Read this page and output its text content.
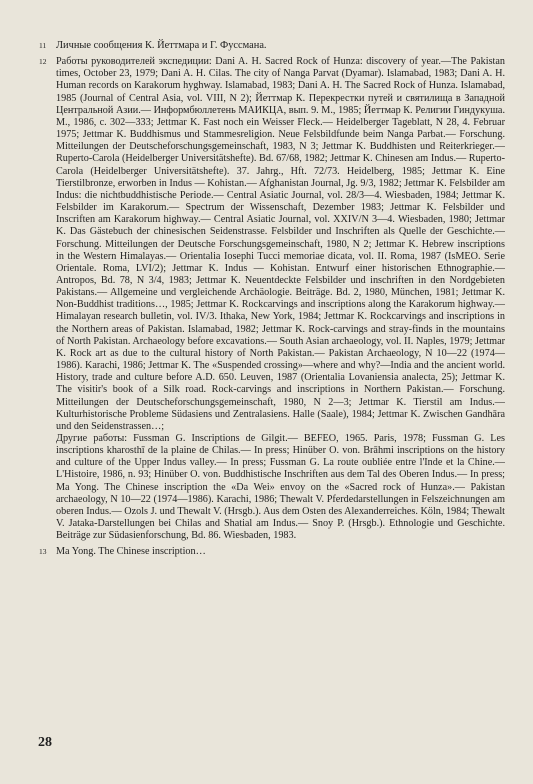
11 Личные сообщения К. Йеттмара и Г. Фуссмана.
12 Работы руководителей экспедиции: Dani A. H. Sacred Rock of Hunza: discovery of year.—The Pakistan times, October 23, 1979; Dani A. H. Cilas. The city of Nanga Parvat (Dyamar). Islamabad, 1983; Dani A. H. Human records on Karakorum hyghway. Islamabad, 1983; Dani A. H. The Sacred Rock of Hunza. Islamabad, 1985 (Journal of Central Asia, vol. VIII, N 2); Йеттмар К. Перекрестки путей и святилища в Западной Центральной Азии.— Информбюллетень МАИКЦА, вып. 9. М., 1985; Йеттмар К. Религии Гиндукуша. М., 1986, с. 302—333; Jettmar K. Fast noch ein Weisser Fleck.— Heidelberger Tageblatt, N 28, 4. Februar 1975; Jettmar K. Buddhismus und Stammesreligion. Neue Felsbildfunde beim Nanga Parbat.— Forschung. Mitteilungen der Deutscheforschungsgemeinschaft, 1983, N 3; Jettmar K. Buddhisten und Reiterkrieger.— Ruperto-Carola (Heidelberger Universitätshefte). Bd. 67/68, 1982; Jettmar K. Chinesen am Indus.— Ruperto-Carola (Heidelberger Universitätshefte). 37. Jahrg., Hft. 72/73. Heidelberg, 1985; Jettmar K. Eine Tierstilbronze, erworben in Indus — Kohistan.— Afghanistan Journal, Jg. 9/3, 1982; Jettmar K. Felsbilder am Indus: die nichtbuddhistische Periode.— Central Asiatic Journal, vol. 28/3—4. Wiesbaden, 1984; Jettmar K. Felsbilder im Karakorum.— Spectrum der Wissenschaft, Dezember 1983; Jettmar K. Felsbilder und Inscriften am Karakorum highway.— Central Asiatic Journal, vol. XXIV/N 3—4. Wiesbaden, 1980; Jettmar K. Das Gästebuch der chinesischen Seidenstrasse. Felsbilder und Inschriften als Quelle der Geschichte.— Forschung. Mitteilungen der Deutsche Forschungsgemeinschaft, 1980, N 2; Jettmar K. Hebrew inscriptions in the Western Himalayas.— Orientalia Iosephi Tucci memoriae dicata, vol. II. Roma, 1987 (IsMEO. Serie Orientale. Roma, LVI/2); Jettmar K. Indus — Kohistan. Entwurf einer historischen Ethnographie.— Antropos, Bd. 78, N 3/4, 1983; Jettmar K. Neuentdeckte Felsbilder und inschriften in den Nordgebieten Pakistans.— Allgemeine und vergleichende Archäologie. Beiträge. Bd. 2, 1980, München, 1981; Jettmar K. Non-Buddhist traditions…, 1985; Jettmar K. Rockcarvings and inscriptions along the Karakorum highway.— Himalayan research bulletin, vol. IV/3. Ithaka, New York, 1984; Jettmar K. Rockcarvings and inscriptions in the Northern areas of Pakistan. Islamabad, 1982; Jettmar K. Rock-carvings and stray-finds in the mountains of North Pakistan. Archaeology before excavations.— South Asian archaeology, vol. II. Naples, 1979; Jettmar K. Rock art as due to the cultural history of North Pakistan.— Pakistan Archaeology, N 10—22 (1974—1986). Karachi, 1986; Jettmar K. The «Suspended crossing»—where and why?—India and the ancient world. History, trade and culture before A.D. 650. Leuven, 1987 (Orientalia Lovaniensia analecta, 25); Jettmar K. The visitir's book of a Silk road. Rock-carvings and inscriptions in Northern Pakistan.— Forschung. Mitteilungen der Deutscheforschungsgemeinschaft, 1980, N 2—3; Jettmar K. Tierstil am Indus.— Kulturhistorische Probleme Südasiens und Zentralasiens. Halle (Saale), 1984; Jettmar K. Zwischen Gandhāra und den Seidenstrassen…;
Другие работы: Fussman G. Inscriptions de Gilgit.— BEFEO, 1965. Paris, 1978; Fussman G. Les inscriptions kharosthī de la plaine de Chilas.— In press; Hinüber O. von. Brāhmi inscriptions on the history and culture of the Upper Indus valley.— In press; Fussman G. La route oubliée entre l'Inde et la Chine.— L'Histoire, 1986, n. 93; Hinüber O. von. Buddhistische Inschriften aus dem Tal des Oberen Indus.— In press; Ma Yong. The Chinese inscription the «Da Wei» envoy on the «Sacred rock of Hunza».— Pakistan archaeology, N 10—22 (1974—1986). Karachi, 1986; Thewalt V. Pferdedarstellungen in Felszeichnungen am oberen Indus.— Ozols J. und Thewalt V. (Hrsgb.). Aus dem Osten des Alexanderreiches. Köln, 1984; Thewalt V. Jataka-Darstellungen bei Chilas and Shatial am Indus.— Snoy P. (Hrsgb.). Ethnologie und Geschichte. Beiträge zur Südasienforschung, Bd. 86. Wiesbaden, 1983.
13 Ma Yong. The Chinese inscription…
28
